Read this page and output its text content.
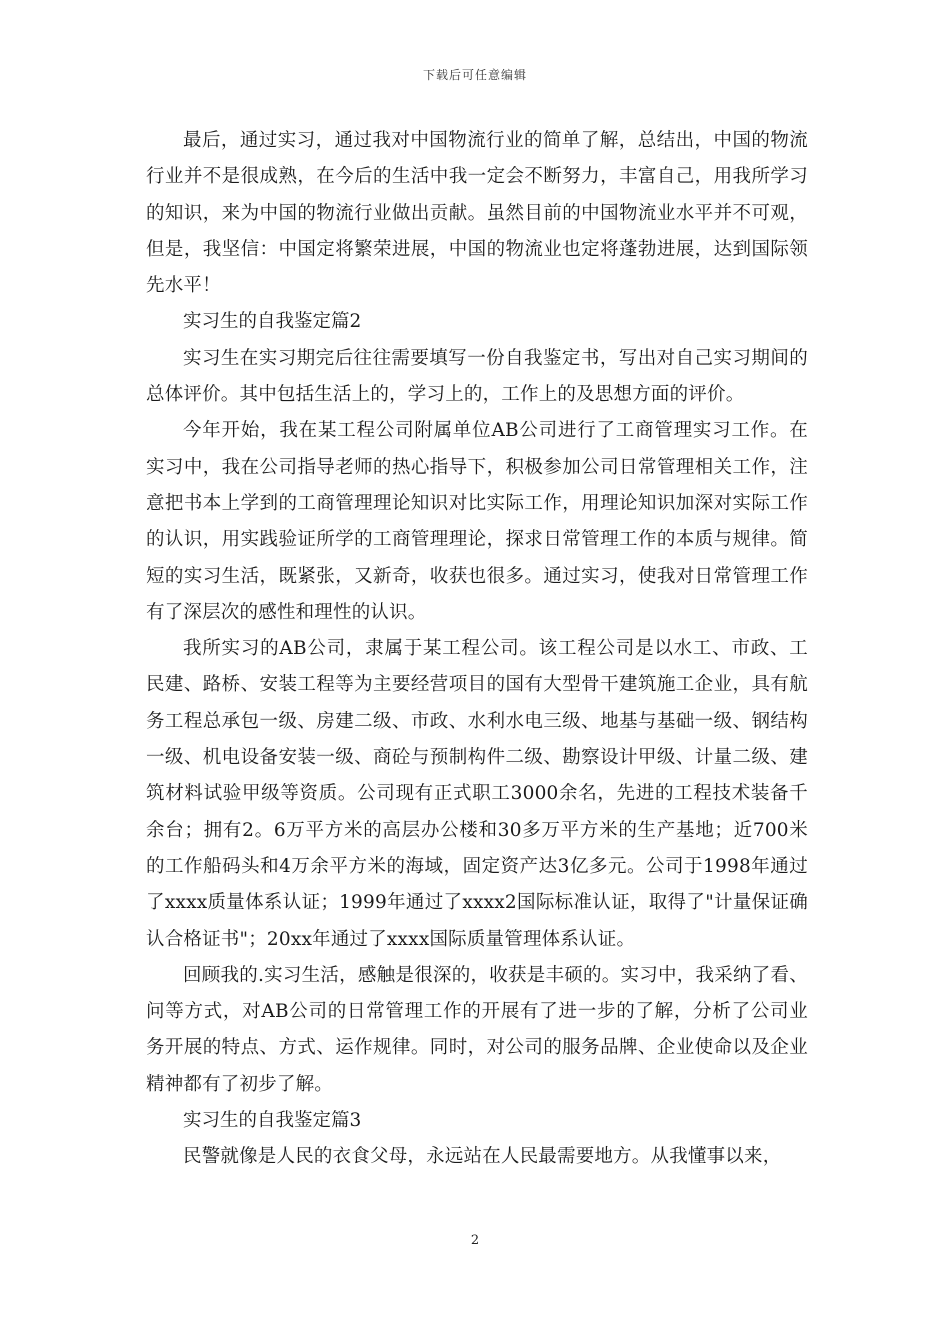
下载后可任意编辑

最后，通过实习，通过我对中国物流行业的简单了解，总结出，中国的物流行业并不是很成熟，在今后的生活中我一定会不断努力，丰富自己，用我所学习的知识，来为中国的物流行业做出贡献。虽然目前的中国物流业水平并不可观，但是，我坚信：中国定将繁荣进展，中国的物流业也定将蓬勃进展，达到国际领先水平！

实习生的自我鉴定篇2

实习生在实习期完后往往需要填写一份自我鉴定书，写出对自己实习期间的总体评价。其中包括生活上的，学习上的，工作上的及思想方面的评价。

今年开始，我在某工程公司附属单位AB公司进行了工商管理实习工作。在实习中，我在公司指导老师的热心指导下，积极参加公司日常管理相关工作，注意把书本上学到的工商管理理论知识对比实际工作，用理论知识加深对实际工作的认识，用实践验证所学的工商管理理论，探求日常管理工作的本质与规律。简短的实习生活，既紧张，又新奇，收获也很多。通过实习，使我对日常管理工作有了深层次的感性和理性的认识。

我所实习的AB公司，隶属于某工程公司。该工程公司是以水工、市政、工民建、路桥、安装工程等为主要经营项目的国有大型骨干建筑施工企业，具有航务工程总承包一级、房建二级、市政、水利水电三级、地基与基础一级、钢结构一级、机电设备安装一级、商砼与预制构件二级、勘察设计甲级、计量二级、建筑材料试验甲级等资质。公司现有正式职工3000余名，先进的工程技术装备千余台；拥有2。6万平方米的高层办公楼和30多万平方米的生产基地；近700米的工作船码头和4万余平方米的海域，固定资产达3亿多元。公司于1998年通过了xxxx质量体系认证；1999年通过了xxxx2国际标准认证，取得了"计量保证确认合格证书"；20xx年通过了xxxx国际质量管理体系认证。

回顾我的.实习生活，感触是很深的，收获是丰硕的。实习中，我采纳了看、问等方式，对AB公司的日常管理工作的开展有了进一步的了解，分析了公司业务开展的特点、方式、运作规律。同时，对公司的服务品牌、企业使命以及企业精神都有了初步了解。

实习生的自我鉴定篇3

民警就像是人民的衣食父母，永远站在人民最需要地方。从我懂事以来，

2
